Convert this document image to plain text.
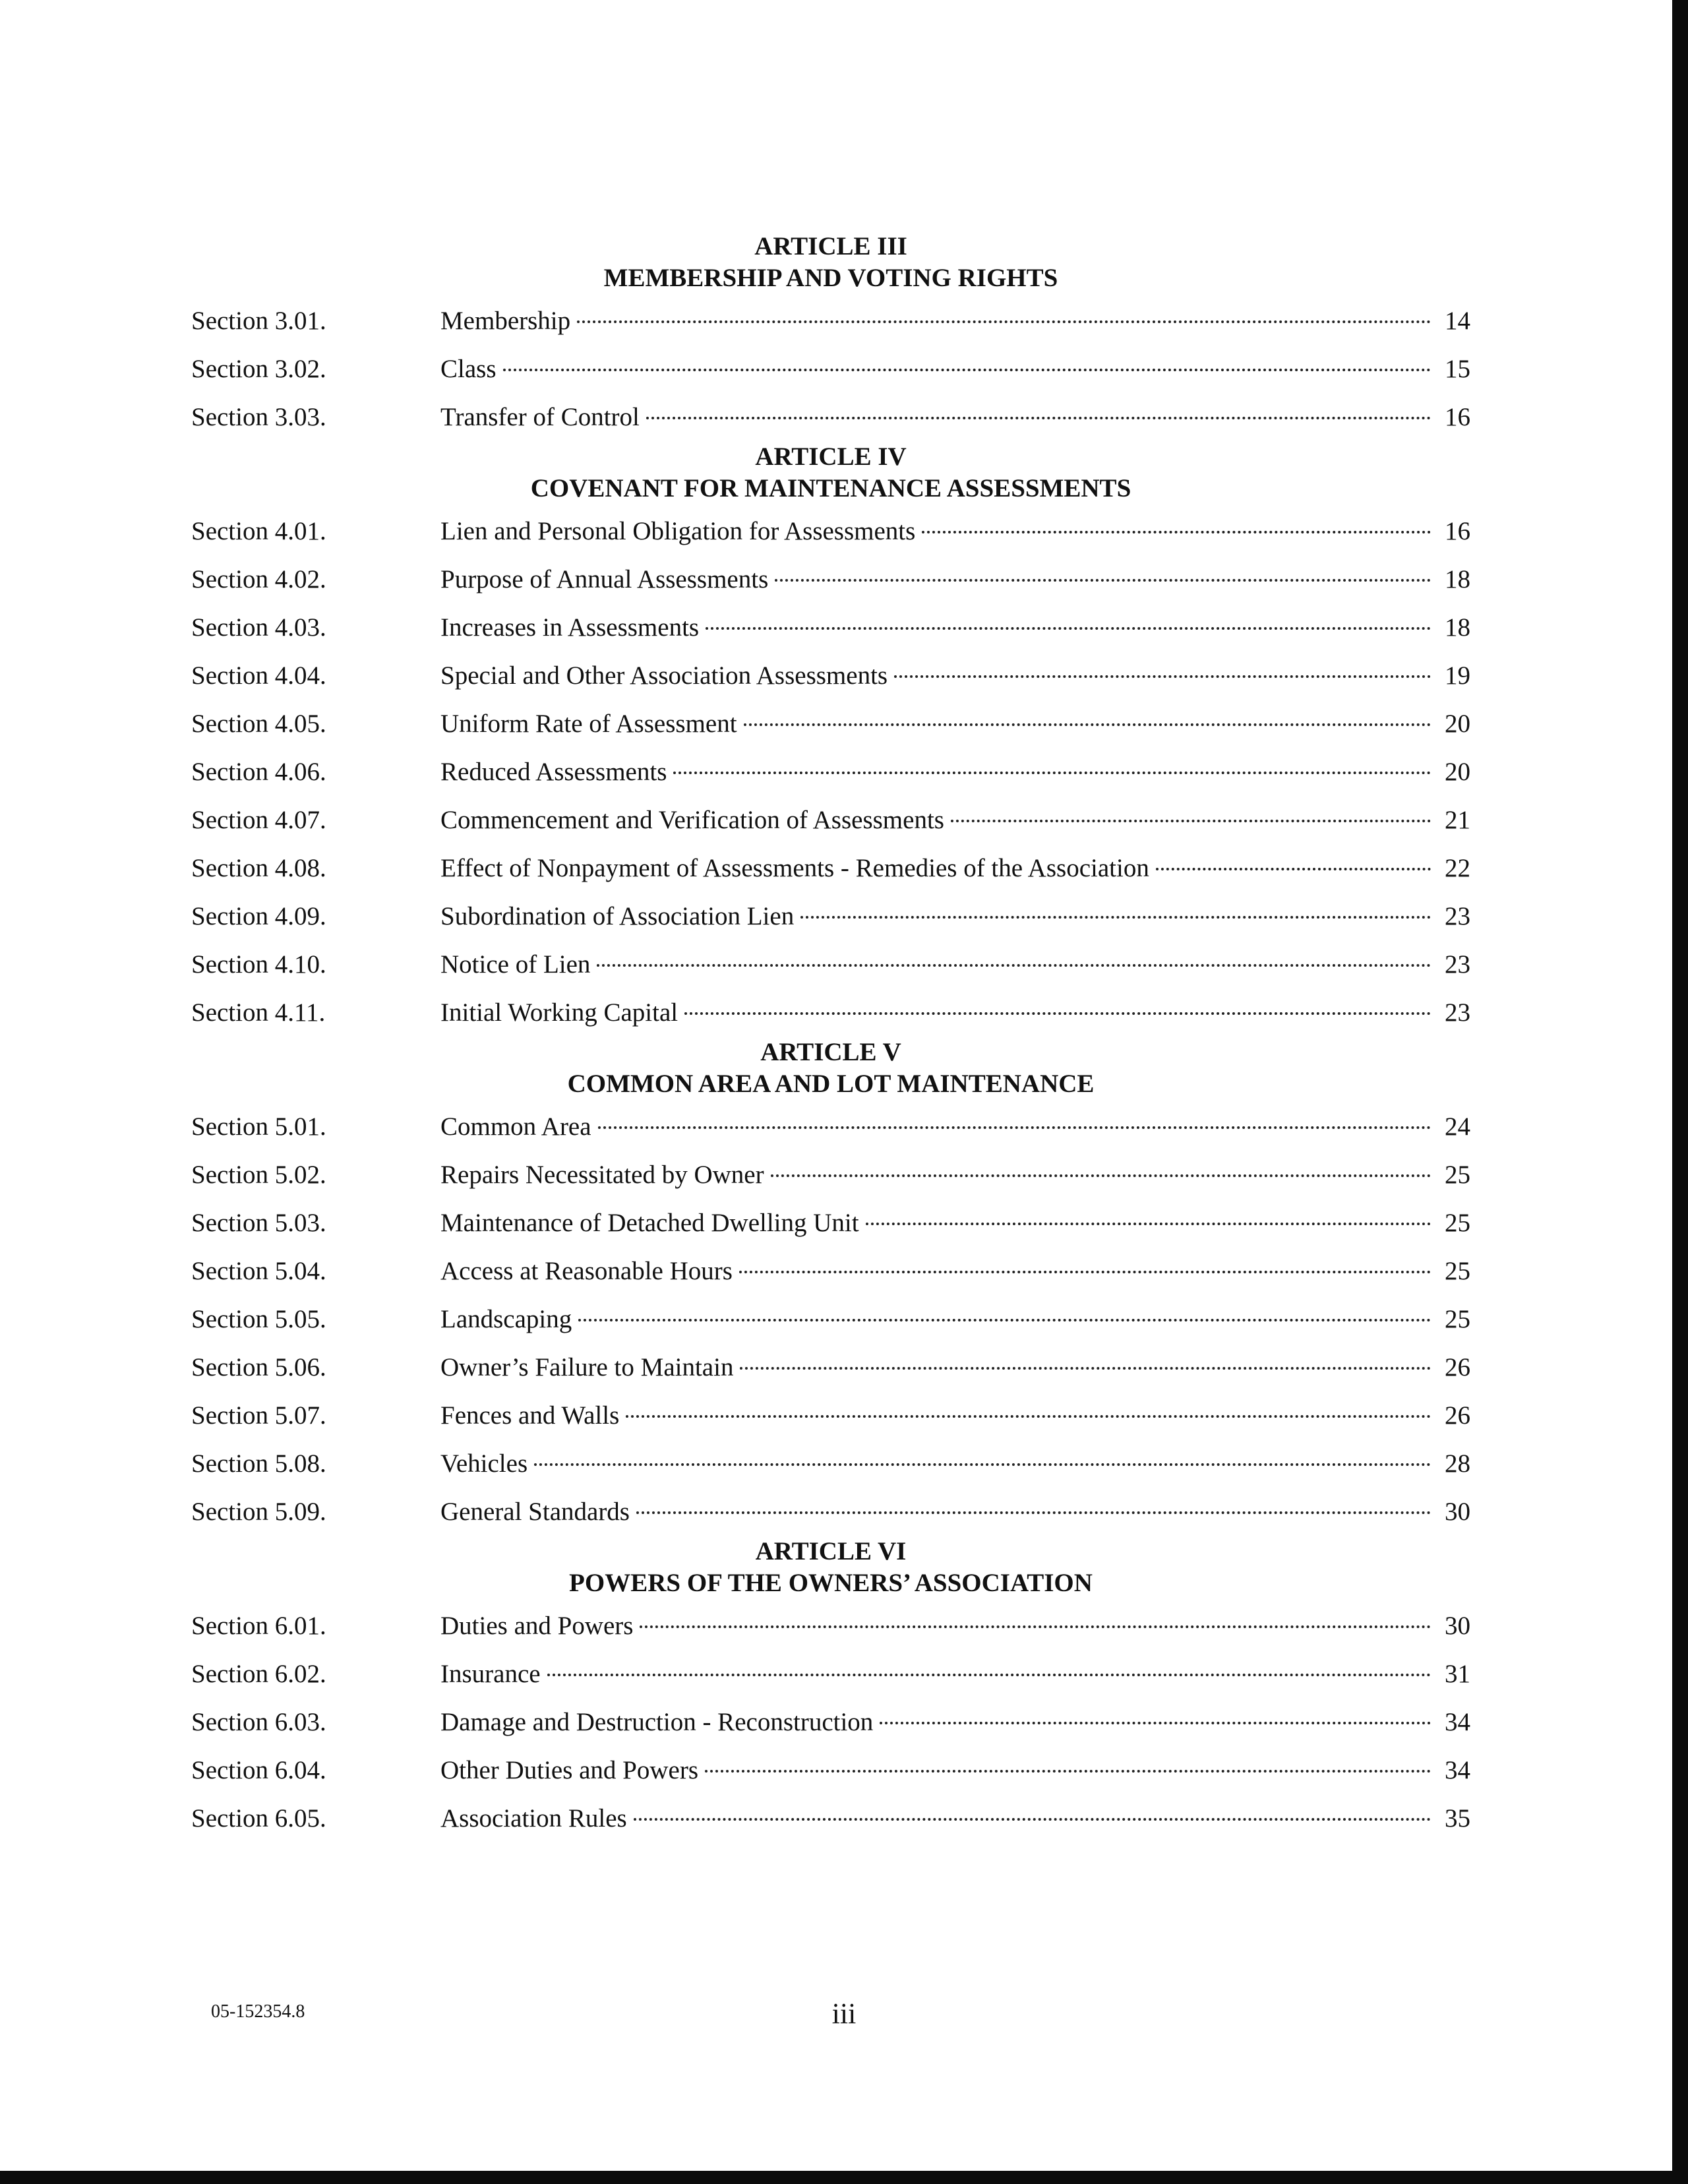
ARTICLE III
MEMBERSHIP AND VOTING RIGHTS
Section 3.01.	Membership	14
Section 3.02.	Class	15
Section 3.03.	Transfer of Control	16
ARTICLE IV
COVENANT FOR MAINTENANCE ASSESSMENTS
Section 4.01.	Lien and Personal Obligation for Assessments	16
Section 4.02.	Purpose of Annual Assessments	18
Section 4.03.	Increases in Assessments	18
Section 4.04.	Special and Other Association Assessments	19
Section 4.05.	Uniform Rate of Assessment	20
Section 4.06.	Reduced Assessments	20
Section 4.07.	Commencement and Verification of Assessments	21
Section 4.08.	Effect of Nonpayment of Assessments - Remedies of the Association	22
Section 4.09.	Subordination of Association Lien	23
Section 4.10.	Notice of Lien	23
Section 4.11.	Initial Working Capital	23
ARTICLE V
COMMON AREA AND LOT MAINTENANCE
Section 5.01.	Common Area	24
Section 5.02.	Repairs Necessitated by Owner	25
Section 5.03.	Maintenance of Detached Dwelling Unit	25
Section 5.04.	Access at Reasonable Hours	25
Section 5.05.	Landscaping	25
Section 5.06.	Owner’s Failure to Maintain	26
Section 5.07.	Fences and Walls	26
Section 5.08.	Vehicles	28
Section 5.09.	General Standards	30
ARTICLE VI
POWERS OF THE OWNERS’ ASSOCIATION
Section 6.01.	Duties and Powers	30
Section 6.02.	Insurance	31
Section 6.03.	Damage and Destruction - Reconstruction	34
Section 6.04.	Other Duties and Powers	34
Section 6.05.	Association Rules	35
05-152354.8	iii
